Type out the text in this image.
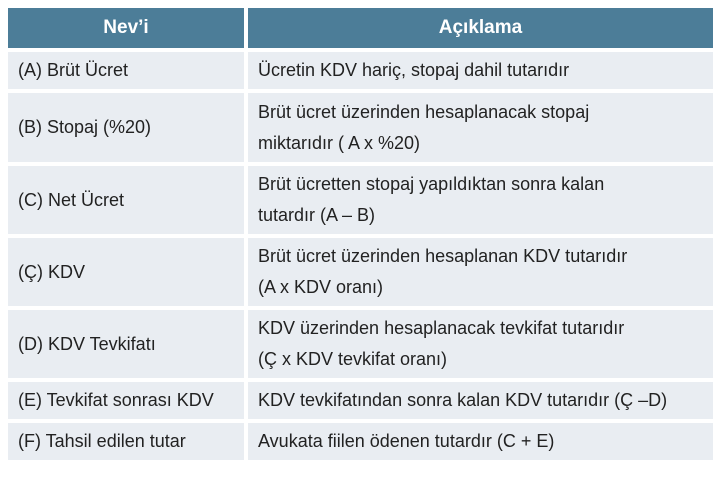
Nev’i	Açıklama
(A) Brüt Ücret	Ücretin KDV hariç, stopaj dahil tutarıdır
(B) Stopaj (%20)	Brüt ücret üzerinden hesaplanacak stopaj
miktarıdır ( A x %20)

(C) Net Ücret	Brüt ücretten stopaj yapıldıktan sonra kalan
tutardır (A – B)

(Ç) KDV	Brüt ücret üzerinden hesaplanan KDV tutarıdır
(A x KDV oranı)

(D) KDV Tevkifatı	KDV üzerinden hesaplanacak tevkifat tutarıdır
(Ç x KDV tevkifat oranı)

(E) Tevkifat sonrası KDV	KDV tevkifatından sonra kalan KDV tutarıdır (Ç –D)
(F) Tahsil edilen tutar	Avukata fiilen ödenen tutardır (C + E)
